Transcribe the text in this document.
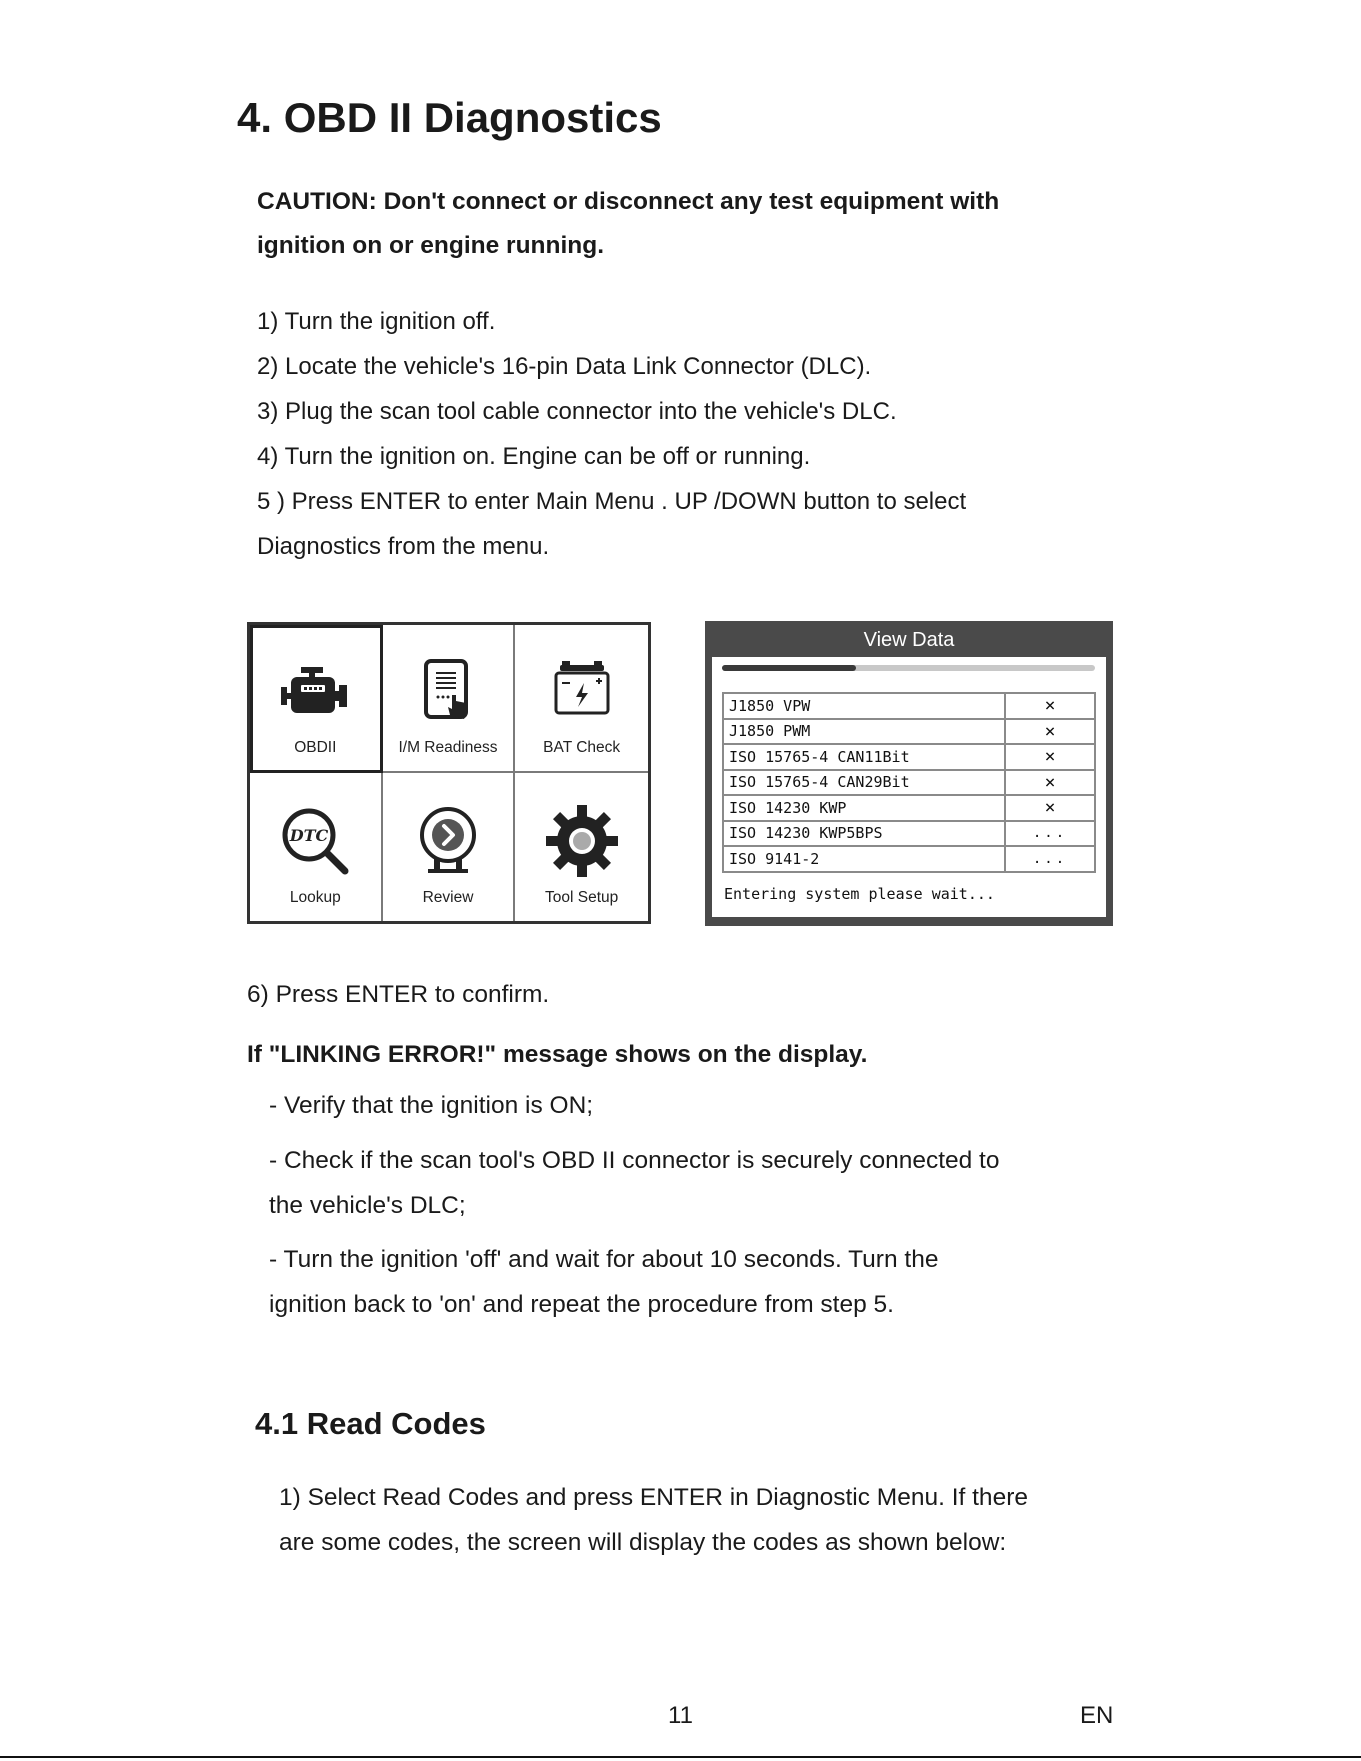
4. OBD II Diagnostics
CAUTION: Don't connect or disconnect any test equipment with
ignition on or engine running.
1) Turn the ignition off.
2) Locate the vehicle's 16-pin Data Link Connector (DLC).
3) Plug the scan tool cable connector into the vehicle's DLC.
4) Turn the ignition on. Engine can be off or running.
5 ) Press ENTER to enter Main Menu . UP /DOWN button to select
Diagnostics from the menu.
OBDII	I/M Readiness	BAT Check
DTC
Lookup	Review	Tool Setup
View Data
J1850 VPW	×
J1850 PWM	×
ISO 15765-4 CAN11Bit	×
ISO 15765-4 CAN29Bit	×
ISO 14230 KWP	×
ISO 14230 KWP5BPS	...
ISO 9141-2	...
Entering system please wait...
6) Press ENTER to confirm.
If "LINKING ERROR!" message shows on the display.
- Verify that the ignition is ON;
- Check if the scan tool's OBD II connector is securely connected to
the vehicle's DLC;
- Turn the ignition 'off' and wait for about 10 seconds. Turn the
ignition back to 'on' and repeat the procedure from step 5.
4.1 Read Codes
1) Select Read Codes and press ENTER in Diagnostic Menu. If there
are some codes, the screen will display the codes as shown below:
11	EN
